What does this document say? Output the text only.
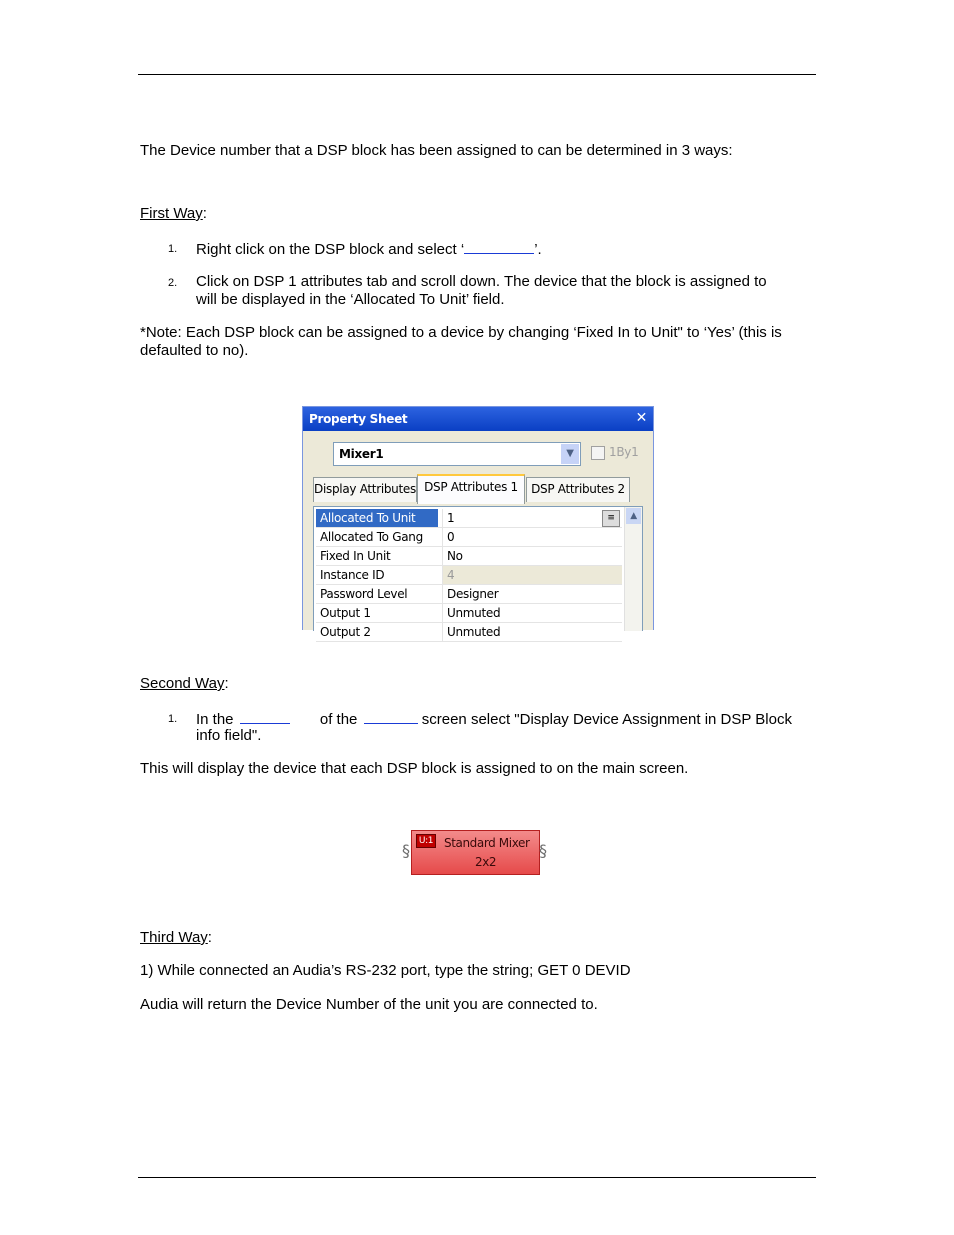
The Device number that a DSP block has been assigned to can be determined in 3 ways:
First Way:
1. Right click on the DSP block and select ‘	’.
2. Click on DSP 1 attributes tab and scroll down. The device that the block is assigned to
will be displayed in the ‘Allocated To Unit’ field.
*Note: Each DSP block can be assigned to a device by changing ‘Fixed In to Unit" to ‘Yes’ (this is
defaulted to no).
Property Sheet	✕
Mixer1	▼	1By1
Display Attributes DSP Attributes 1	DSP Attributes 2
Allocated To Unit	1	≡
Allocated To Gang	0
Fixed In Unit	No
Instance ID	4
Password Level	Designer
Output 1	Unmuted
Output 2	Unmuted
▲
Second Way:
1. In the	of the	screen select "Display Device Assignment in DSP Block
info field".
This will display the device that each DSP block is assigned to on the main screen.
§ U:1 Standard Mixer
2x2
§
Third Way:
1) While connected an Audia’s RS-232 port, type the string; GET 0 DEVID
Audia will return the Device Number of the unit you are connected to.
